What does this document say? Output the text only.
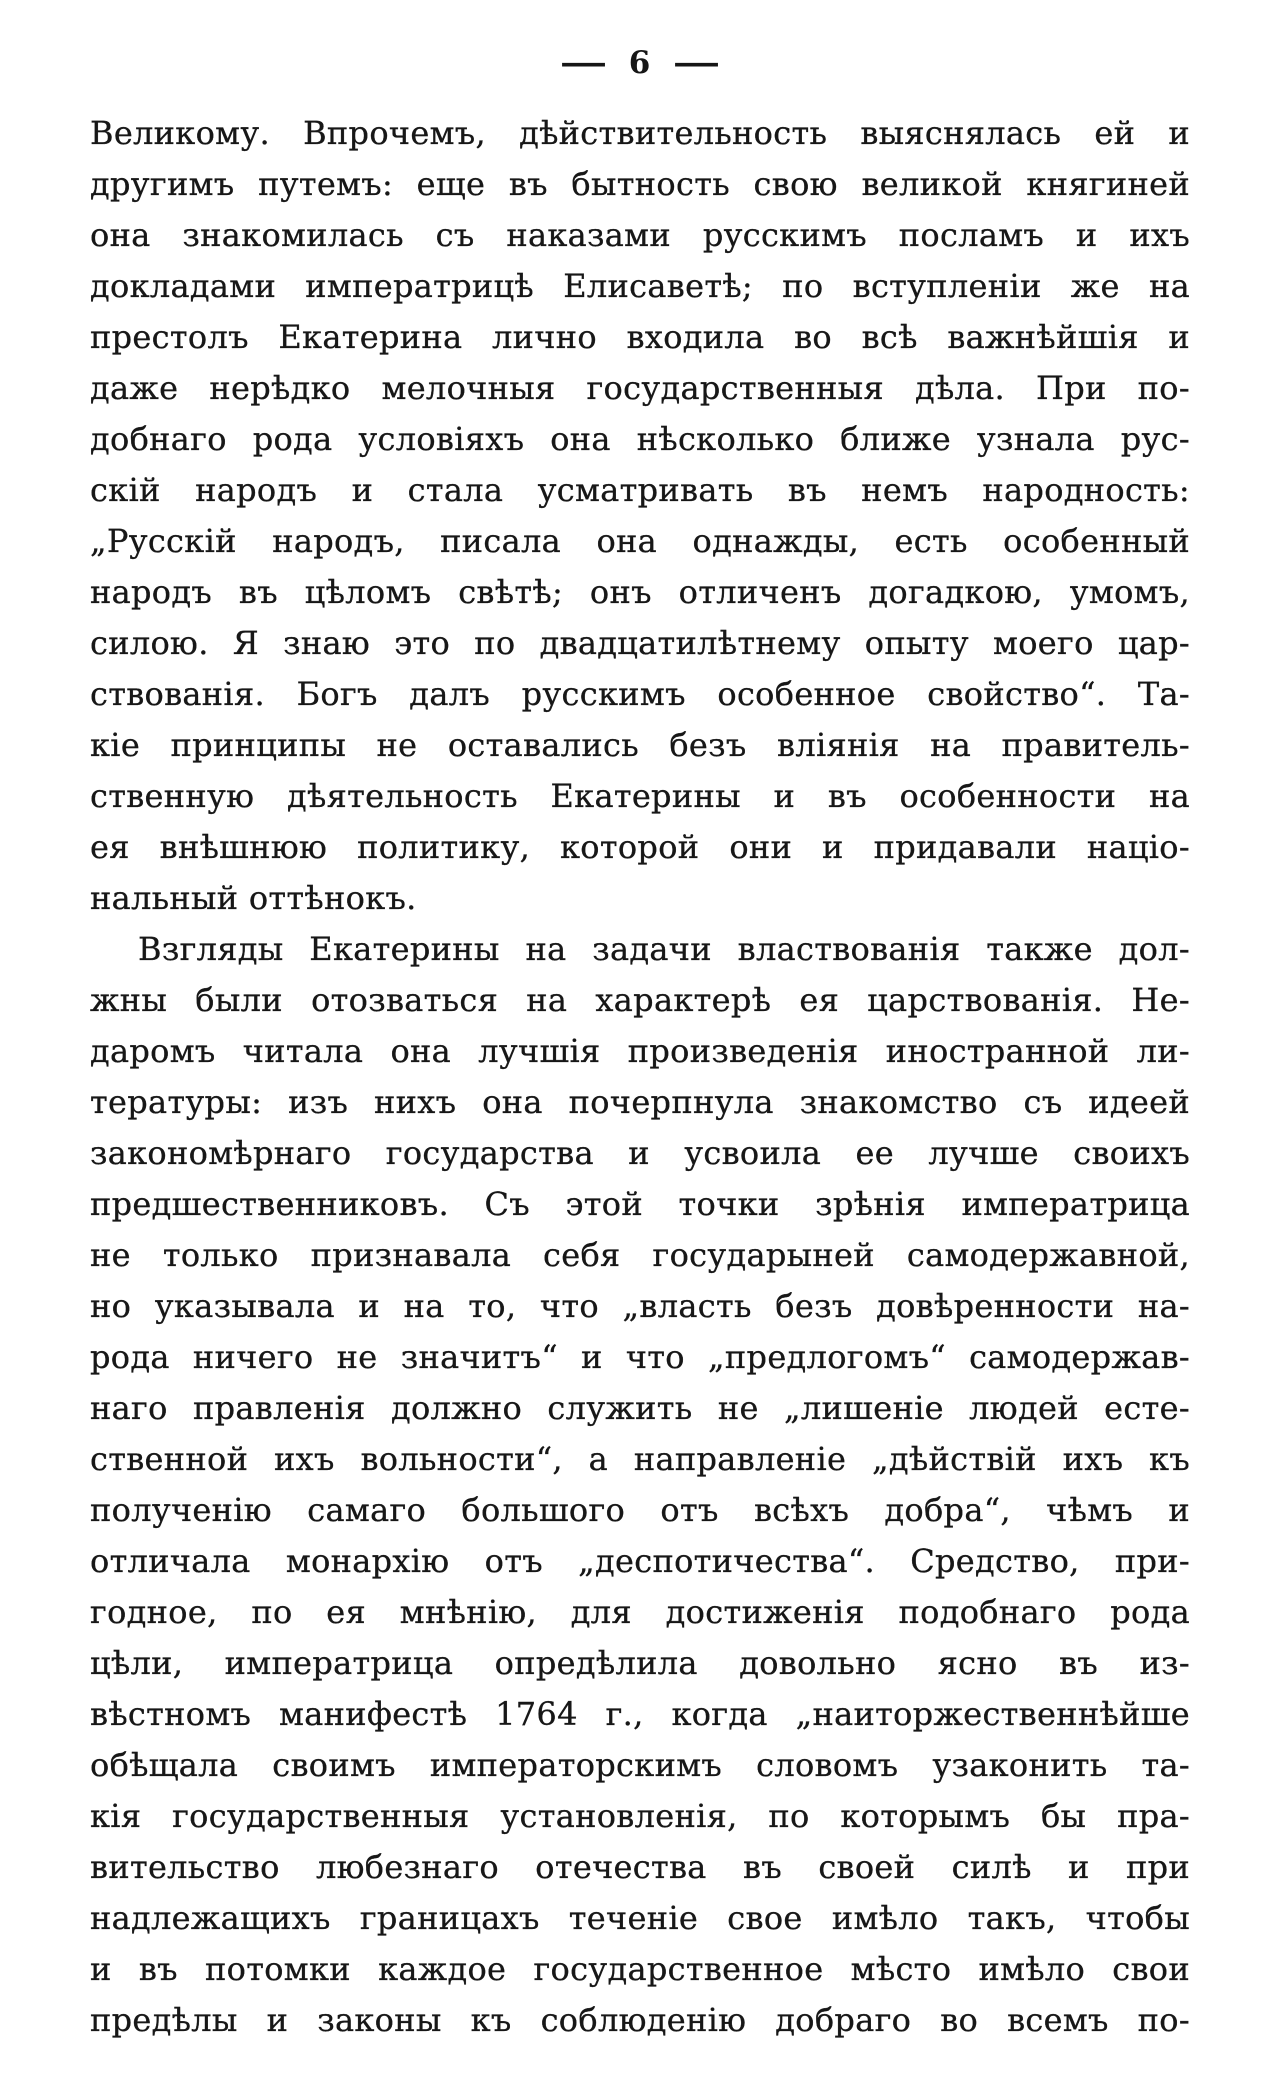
— 6 —
Великому. Впрочемъ, дѣйствительность выяснялась ей и
другимъ путемъ: еще въ бытность свою великой княгиней
она знакомилась съ наказами русскимъ посламъ и ихъ
докладами императрицѣ Елисаветѣ; по вступленіи же на
престолъ Екатерина лично входила во всѣ важнѣйшія и
даже нерѣдко мелочныя государственныя дѣла. При по-
добнаго рода условіяхъ она нѣсколько ближе узнала рус-
скій народъ и стала усматривать въ немъ народность:
„Русскій народъ, писала она однажды, есть особенный
народъ въ цѣломъ свѣтѣ; онъ отличенъ догадкою, умомъ,
силою. Я знаю это по двадцатилѣтнему опыту моего цар-
ствованія. Богъ далъ русскимъ особенное свойство“. Та-
кіе принципы не оставались безъ вліянія на правитель-
ственную дѣятельность Екатерины и въ особенности на
ея внѣшнюю политику, которой они и придавали націо-
нальный оттѣнокъ.
Взгляды Екатерины на задачи властвованія также дол-
жны были отозваться на характерѣ ея царствованія. Не-
даромъ читала она лучшія произведенія иностранной ли-
тературы: изъ нихъ она почерпнула знакомство съ идеей
закономѣрнаго государства и усвоила ее лучше своихъ
предшественниковъ. Съ этой точки зрѣнія императрица
не только признавала себя государыней самодержавной,
но указывала и на то, что „власть безъ довѣренности на-
рода ничего не значитъ“ и что „предлогомъ“ самодержав-
наго правленія должно служить не „лишеніе людей есте-
ственной ихъ вольности“, а направленіе „дѣйствій ихъ къ
полученію самаго большого отъ всѣхъ добра“, чѣмъ и
отличала монархію отъ „деспотичества“. Средство, при-
годное, по ея мнѣнію, для достиженія подобнаго рода
цѣли, императрица опредѣлила довольно ясно въ из-
вѣстномъ манифестѣ 1764 г., когда „наиторжественнѣйше
обѣщала своимъ императорскимъ словомъ узаконить та-
кія государственныя установленія, по которымъ бы пра-
вительство любезнаго отечества въ своей силѣ и при
надлежащихъ границахъ теченіе свое имѣло такъ, чтобы
и въ потомки каждое государственное мѣсто имѣло свои
предѣлы и законы къ соблюденію добраго во всемъ по-
